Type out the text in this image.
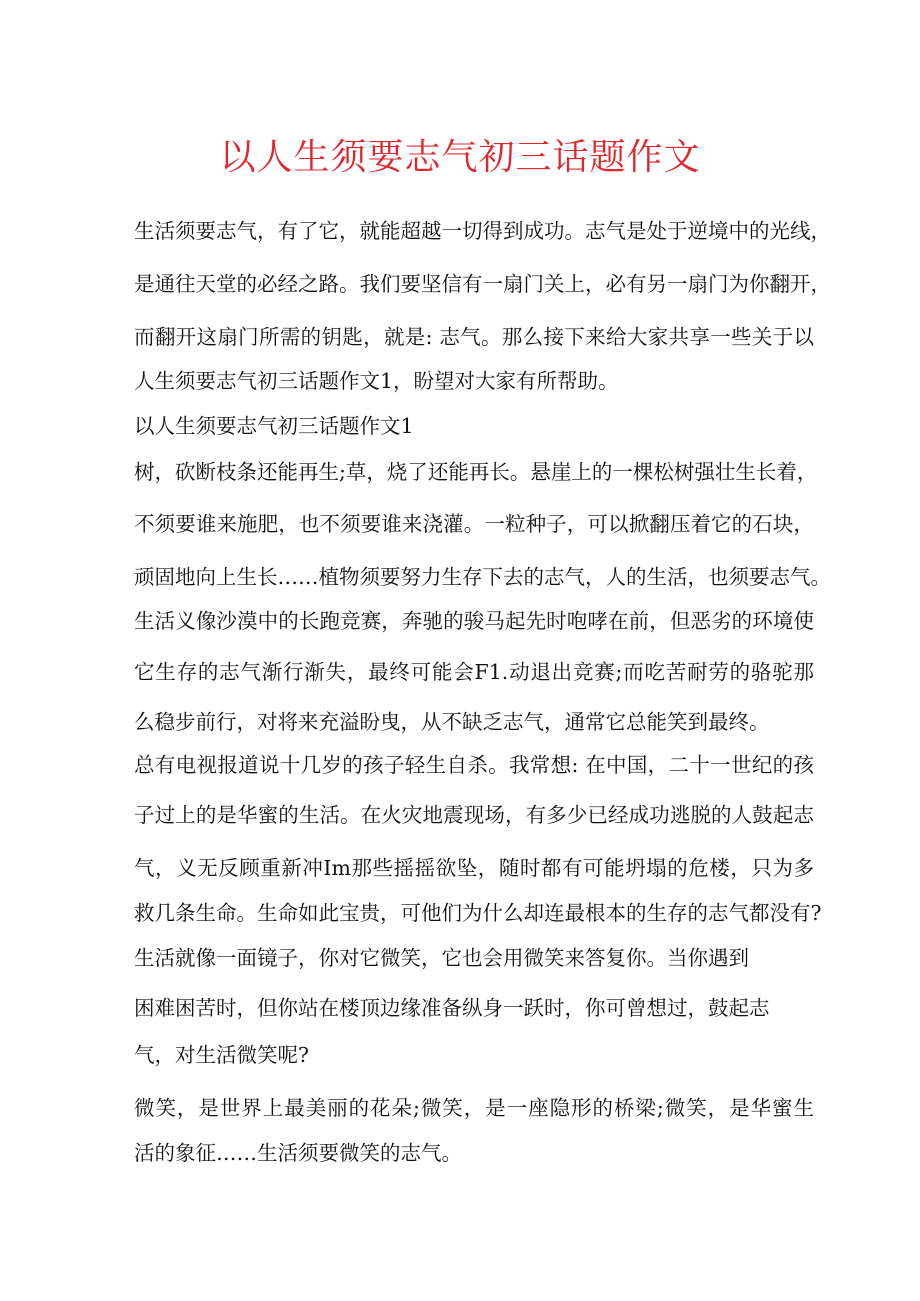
以人生须要志气初三话题作文

生活须要志气，有了它，就能超越一切得到成功。志气是处于逆境中的光线，

是通往天堂的必经之路。我们要坚信有一扇门关上，必有另一扇门为你翻开，

而翻开这扇门所需的钥匙，就是: 志气。那么接下来给大家共享一些关于以

人生须要志气初三话题作文1，盼望对大家有所帮助。

以人生须要志气初三话题作文1

树，砍断枝条还能再生;草，烧了还能再长。悬崖上的一棵松树强壮生长着，

不须要谁来施肥，也不须要谁来浇灌。一粒种子，可以掀翻压着它的石块，

顽固地向上生长……植物须要努力生存下去的志气，人的生活，也须要志气。

生活义像沙漠中的长跑竞赛，奔驰的骏马起先时咆哮在前，但恶劣的环境使

它生存的志气渐行渐失，最终可能会F1.动退出竞赛;而吃苦耐劳的骆驼那

么稳步前行，对将来充溢盼曳，从不缺乏志气，通常它总能笑到最终。

总有电视报道说十几岁的孩子轻生自杀。我常想: 在中国，二十一世纪的孩

子过上的是华蜜的生活。在火灾地震现场，有多少已经成功逃脱的人鼓起志

气，义无反顾重新冲Im那些摇摇欲坠，随时都有可能坍塌的危楼，只为多

救几条生命。生命如此宝贵，可他们为什么却连最根本的生存的志气都没有?

生活就像一面镜子，你对它微笑，它也会用微笑来答复你。当你遇到

困难困苦时，但你站在楼顶边缘准备纵身一跃时，你可曾想过，鼓起志

气，对生活微笑呢?

微笑，是世界上最美丽的花朵;微笑，是一座隐形的桥梁;微笑，是华蜜生

活的象征……生活须要微笑的志气。
